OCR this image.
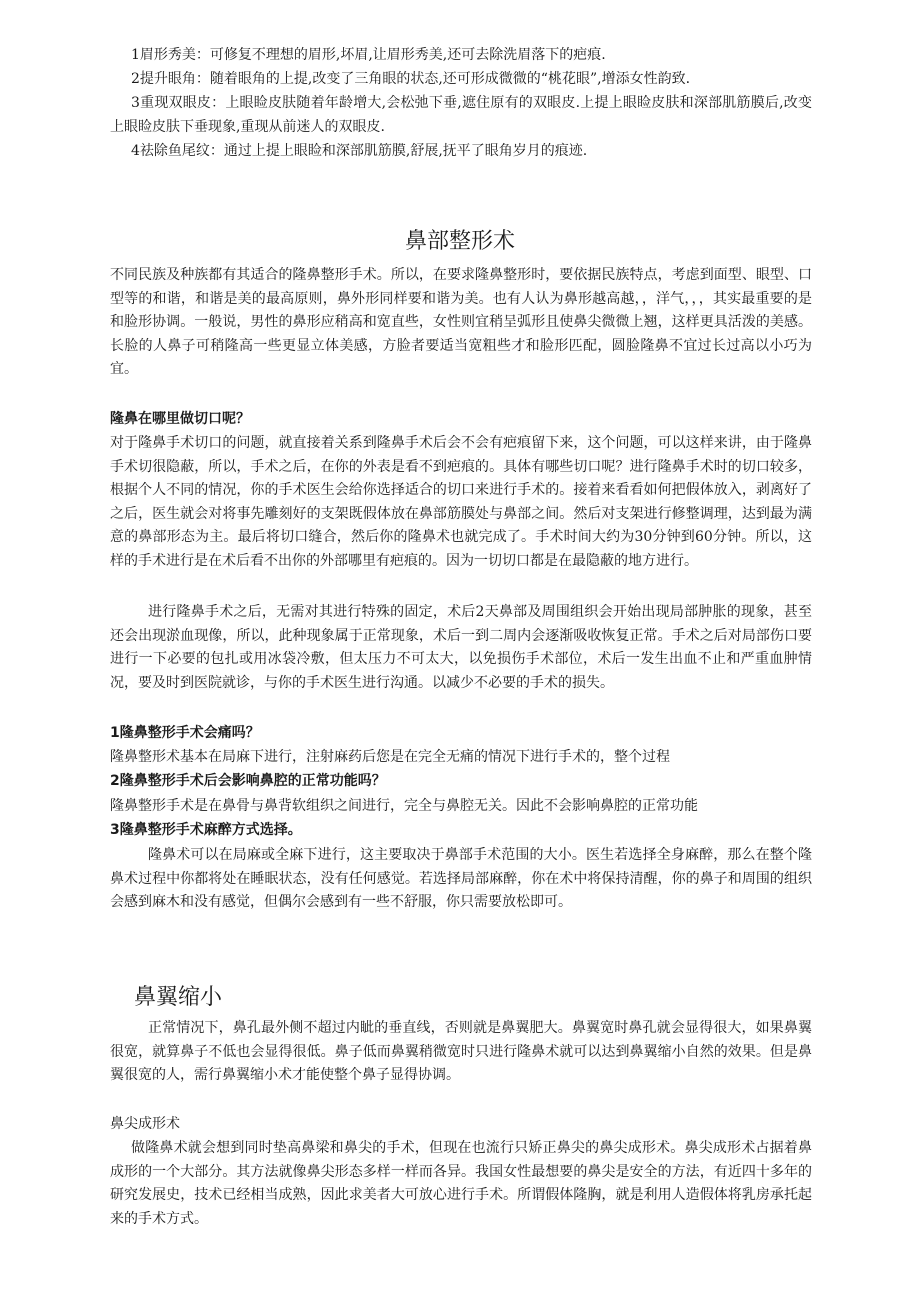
1眉形秀美：可修复不理想的眉形,坏眉,让眉形秀美,还可去除洗眉落下的疤痕.

2提升眼角：随着眼角的上提,改变了三角眼的状态,还可形成微微的“桃花眼”,增添女性韵致.

3重现双眼皮：上眼睑皮肤随着年龄增大,会松弛下垂,遮住原有的双眼皮.上提上眼睑皮肤和深部肌筋膜后,改变上眼睑皮肤下垂现象,重现从前迷人的双眼皮.

4祛除鱼尾纹：通过上提上眼睑和深部肌筋膜,舒展,抚平了眼角岁月的痕迹.

鼻部整形术

不同民族及种族都有其适合的隆鼻整形手术。所以，在要求隆鼻整形时，要依据民族特点，考虑到面型、眼型、口型等的和谐，和谐是美的最高原则，鼻外形同样要和谐为美。也有人认为鼻形越高越，，洋气，，，其实最重要的是和脸形协调。一般说，男性的鼻形应稍高和宽直些，女性则宜稍呈弧形且使鼻尖微微上翘，这样更具活泼的美感。长脸的人鼻子可稍隆高一些更显立体美感，方脸者要适当宽粗些才和脸形匹配，圆脸隆鼻不宜过长过高以小巧为宜。

隆鼻在哪里做切口呢？

对于隆鼻手术切口的问题，就直接着关系到隆鼻手术后会不会有疤痕留下来，这个问题，可以这样来讲，由于隆鼻手术切很隐蔽，所以，手术之后，在你的外表是看不到疤痕的。具体有哪些切口呢？进行隆鼻手术时的切口较多，根据个人不同的情况，你的手术医生会给你选择适合的切口来进行手术的。接着来看看如何把假体放入，剥离好了之后，医生就会对将事先雕刻好的支架既假体放在鼻部筋膜处与鼻部之间。然后对支架进行修整调理，达到最为满意的鼻部形态为主。最后将切口缝合，然后你的隆鼻术也就完成了。手术时间大约为30分钟到60分钟。所以，这样的手术进行是在术后看不出你的外部哪里有疤痕的。因为一切切口都是在最隐蔽的地方进行。

进行隆鼻手术之后，无需对其进行特殊的固定，术后2天鼻部及周围组织会开始出现局部肿胀的现象，甚至还会出现淤血现像，所以，此种现象属于正常现象，术后一到二周内会逐渐吸收恢复正常。手术之后对局部伤口要进行一下必要的包扎或用冰袋冷敷，但太压力不可太大，以免损伤手术部位，术后一发生出血不止和严重血肿情况，要及时到医院就诊，与你的手术医生进行沟通。以减少不必要的手术的损失。

1隆鼻整形手术会痛吗？

隆鼻整形术基本在局麻下进行，注射麻药后您是在完全无痛的情况下进行手术的，整个过程

2隆鼻整形手术后会影响鼻腔的正常功能吗？

隆鼻整形手术是在鼻骨与鼻背软组织之间进行，完全与鼻腔无关。因此不会影响鼻腔的正常功能

3隆鼻整形手术麻醉方式选择。

隆鼻术可以在局麻或全麻下进行，这主要取决于鼻部手术范围的大小。医生若选择全身麻醉，那么在整个隆鼻术过程中你都将处在睡眠状态，没有任何感觉。若选择局部麻醉，你在术中将保持清醒，你的鼻子和周围的组织会感到麻木和没有感觉，但偶尔会感到有一些不舒服，你只需要放松即可。

鼻翼缩小

正常情况下，鼻孔最外侧不超过内眦的垂直线，否则就是鼻翼肥大。鼻翼宽时鼻孔就会显得很大，如果鼻翼很宽，就算鼻子不低也会显得很低。鼻子低而鼻翼稍微宽时只进行隆鼻术就可以达到鼻翼缩小自然的效果。但是鼻翼很宽的人，需行鼻翼缩小术才能使整个鼻子显得协调。

鼻尖成形术

做隆鼻术就会想到同时垫高鼻梁和鼻尖的手术，但现在也流行只矫正鼻尖的鼻尖成形术。鼻尖成形术占据着鼻成形的一个大部分。其方法就像鼻尖形态多样一样而各异。我国女性最想要的鼻尖是安全的方法，有近四十多年的研究发展史，技术已经相当成熟，因此求美者大可放心进行手术。所谓假体隆胸，就是利用人造假体将乳房承托起来的手术方式。
